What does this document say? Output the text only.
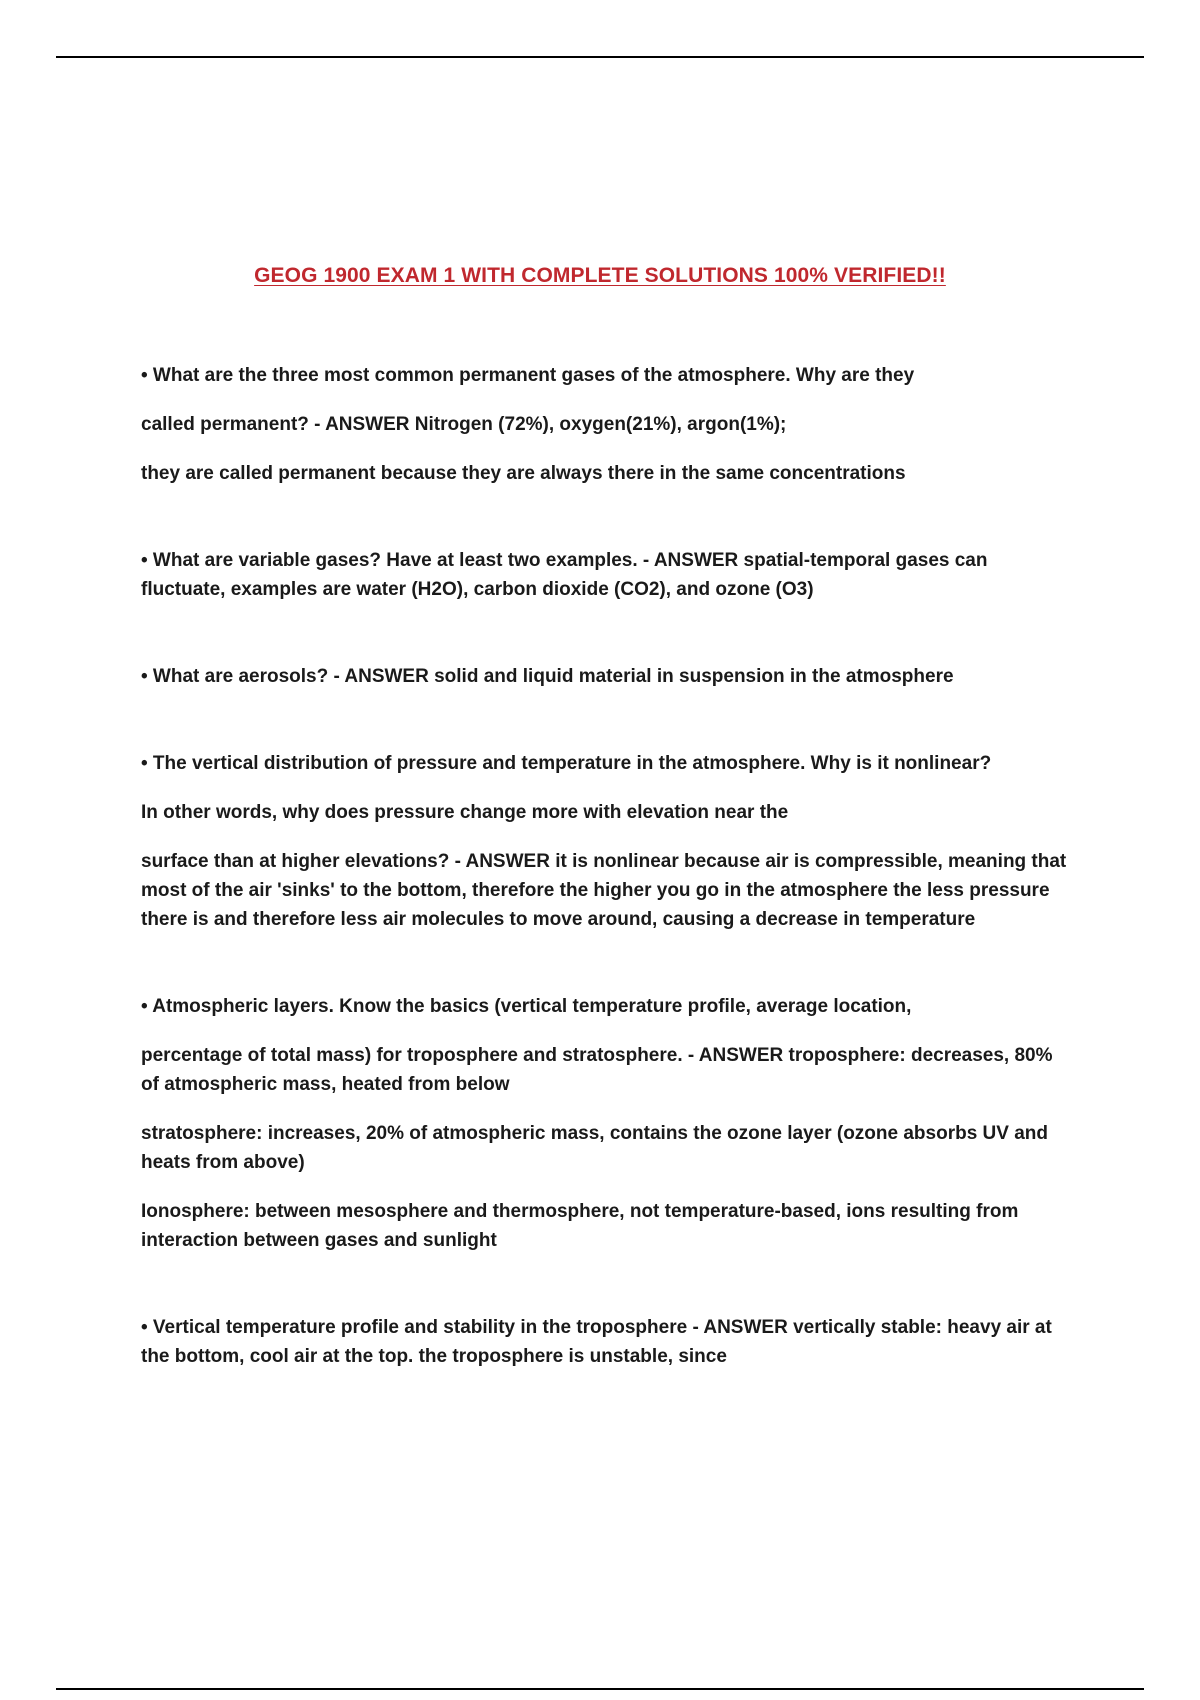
GEOG 1900 EXAM 1 WITH COMPLETE SOLUTIONS 100% VERIFIED!!

• What are the three most common permanent gases of the atmosphere. Why are they

called permanent? - ANSWER Nitrogen (72%), oxygen(21%), argon(1%);

they are called permanent because they are always there in the same concentrations

• What are variable gases? Have at least two examples. - ANSWER spatial-temporal gases can fluctuate, examples are water (H2O), carbon dioxide (CO2), and ozone (O3)

• What are aerosols? - ANSWER solid and liquid material in suspension in the atmosphere

• The vertical distribution of pressure and temperature in the atmosphere. Why is it nonlinear?

In other words, why does pressure change more with elevation near the

surface than at higher elevations? - ANSWER it is nonlinear because air is compressible, meaning that most of the air 'sinks' to the bottom, therefore the higher you go in the atmosphere the less pressure there is and therefore less air molecules to move around, causing a decrease in temperature

• Atmospheric layers. Know the basics (vertical temperature profile, average location,

percentage of total mass) for troposphere and stratosphere. - ANSWER troposphere: decreases, 80% of atmospheric mass, heated from below

stratosphere: increases, 20% of atmospheric mass, contains the ozone layer (ozone absorbs UV and heats from above)

Ionosphere: between mesosphere and thermosphere, not temperature-based, ions resulting from interaction between gases and sunlight

• Vertical temperature profile and stability in the troposphere - ANSWER vertically stable: heavy air at the bottom, cool air at the top. the troposphere is unstable, since
